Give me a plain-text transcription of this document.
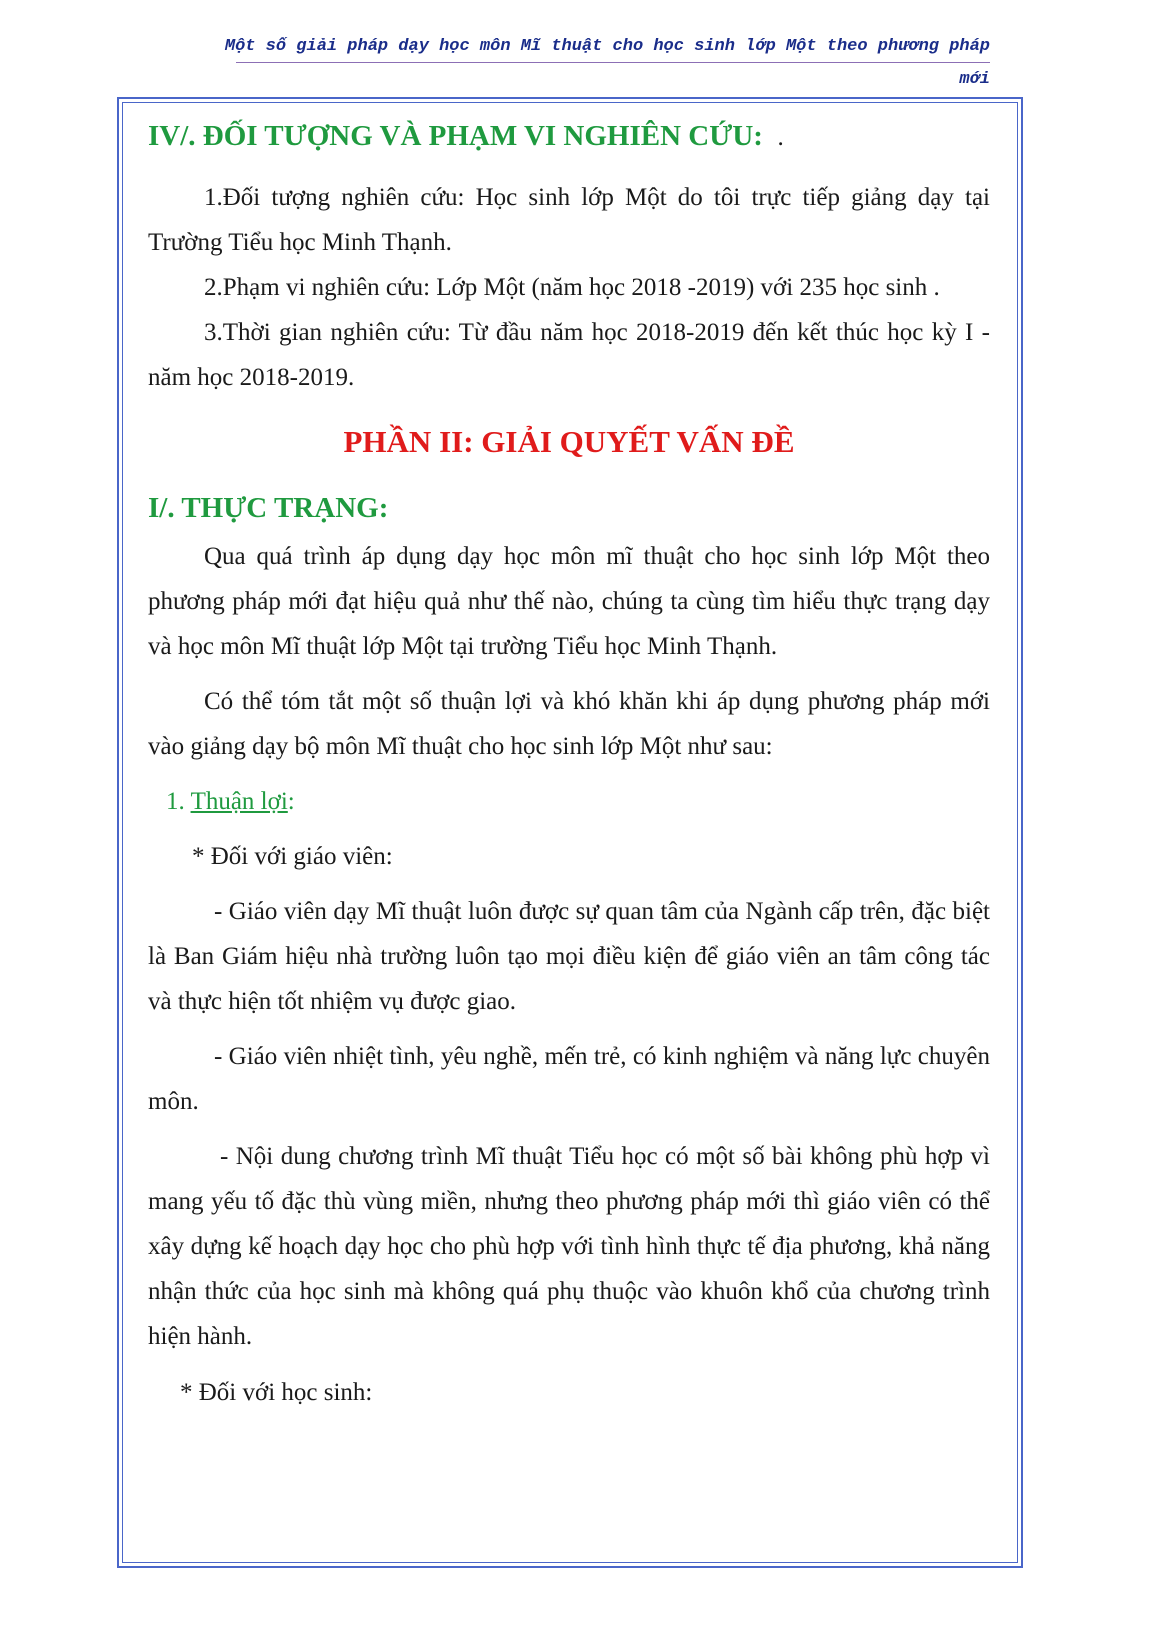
Một số giải pháp dạy học môn Mĩ thuật cho học sinh lớp Một theo phương pháp
mới
IV/. ĐỐI TƯỢNG VÀ PHẠM VI NGHIÊN CỨU: .

1.Đối tượng nghiên cứu: Học sinh lớp Một do tôi trực tiếp giảng dạy tại Trường Tiểu học Minh Thạnh.

2.Phạm vi nghiên cứu: Lớp Một (năm học 2018 -2019) với 235 học sinh .

3.Thời gian nghiên cứu: Từ đầu năm học 2018-2019 đến kết thúc học kỳ I - năm học 2018-2019.

PHẦN II: GIẢI QUYẾT VẤN ĐỀ
I/. THỰC TRẠNG:

Qua quá trình áp dụng dạy học môn mĩ thuật cho học sinh lớp Một theo phương pháp mới đạt hiệu quả như thế nào, chúng ta cùng tìm hiểu thực trạng dạy và học môn Mĩ thuật lớp Một tại trường Tiểu học Minh Thạnh.

Có thể tóm tắt một số thuận lợi và khó khăn khi áp dụng phương pháp mới vào giảng dạy bộ môn Mĩ thuật cho học sinh lớp Một như sau:

1. Thuận lợi:
* Đối với giáo viên:

- Giáo viên dạy Mĩ thuật luôn được sự quan tâm của Ngành cấp trên, đặc biệt là Ban Giám hiệu nhà trường luôn tạo mọi điều kiện để giáo viên an tâm công tác và thực hiện tốt nhiệm vụ được giao.

- Giáo viên nhiệt tình, yêu nghề, mến trẻ, có kinh nghiệm và năng lực chuyên môn.

- Nội dung chương trình Mĩ thuật Tiểu học có một số bài không phù hợp vì mang yếu tố đặc thù vùng miền, nhưng theo phương pháp mới thì giáo viên có thể xây dựng kế hoạch dạy học cho phù hợp với tình hình thực tế địa phương, khả năng nhận thức của học sinh mà không quá phụ thuộc vào khuôn khổ của chương trình hiện hành.

* Đối với học sinh:
